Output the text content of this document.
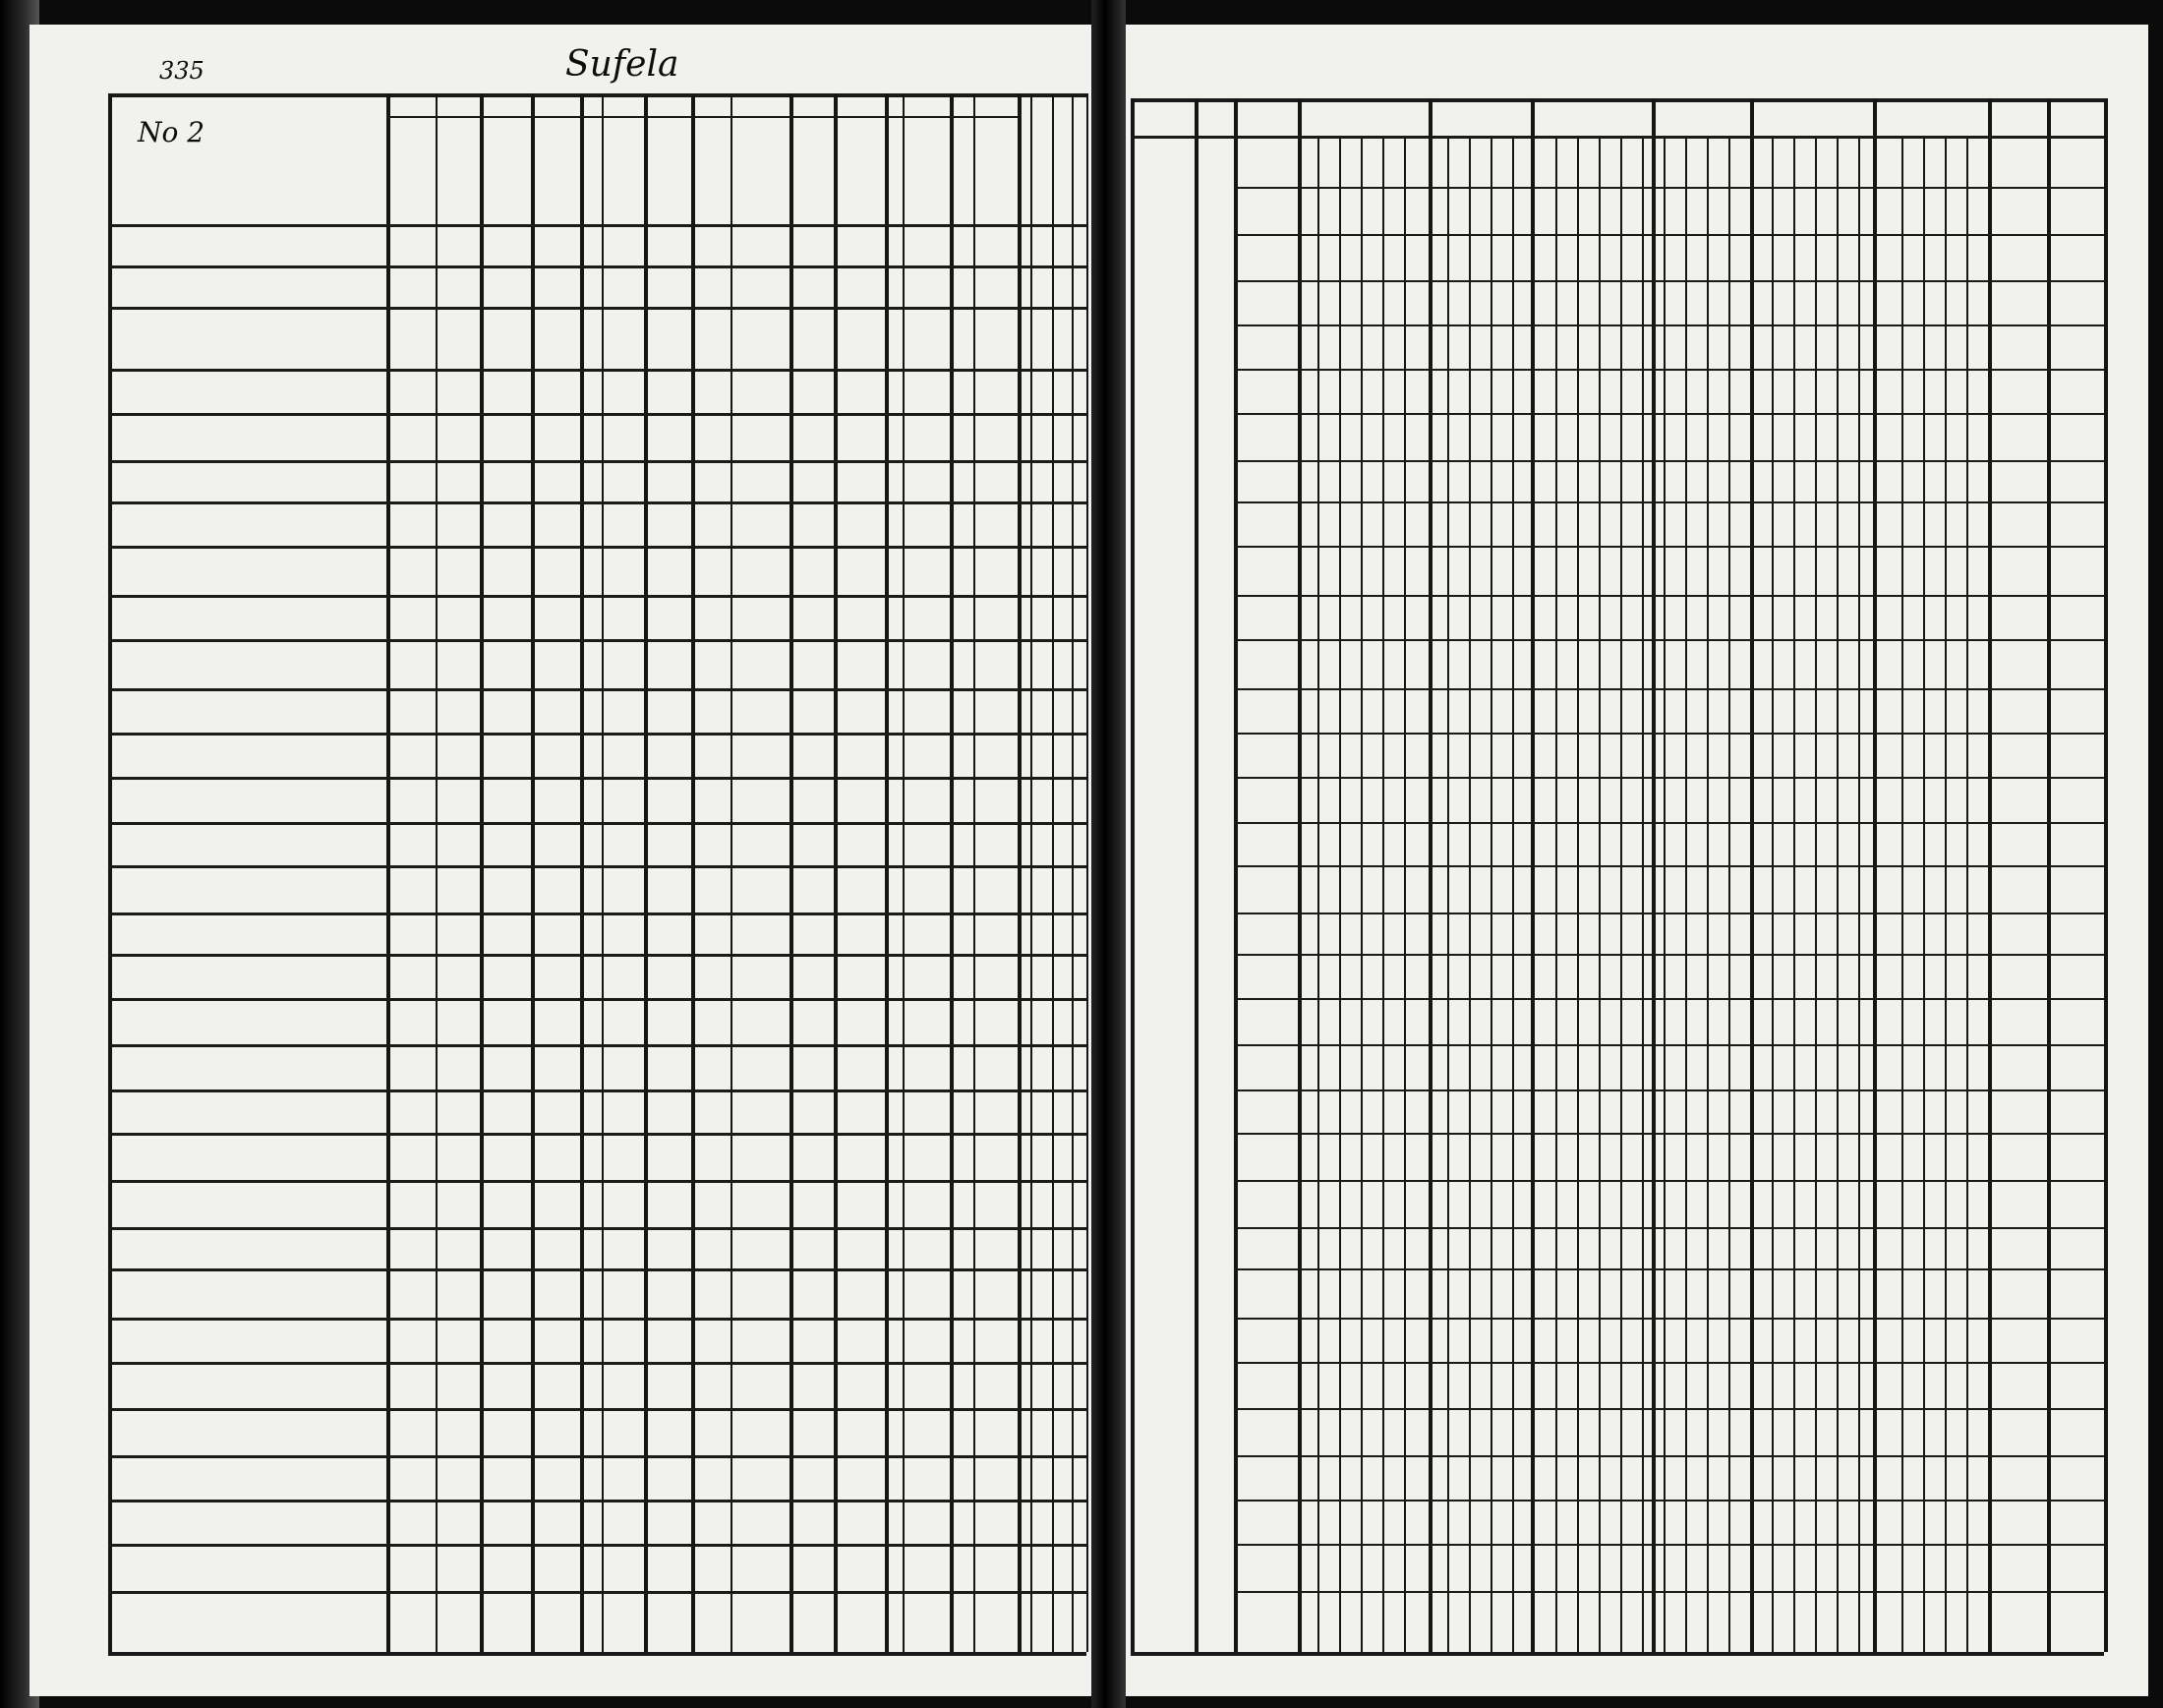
335	Sufela
No 2
